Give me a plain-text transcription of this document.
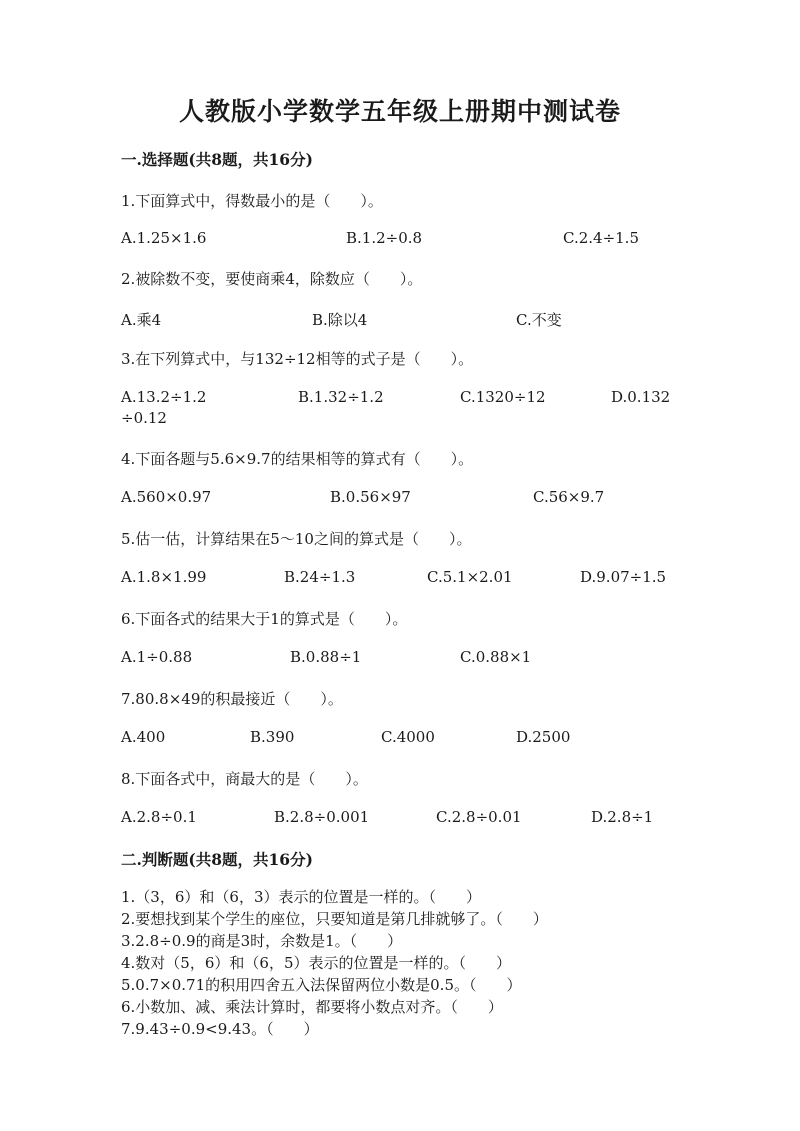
人教版小学数学五年级上册期中测试卷
一.选择题(共8题，共16分)
1.下面算式中，得数最小的是（　　）。
A.1.25×1.6	B.1.2÷0.8	C.2.4÷1.5
2.被除数不变，要使商乘4，除数应（　　）。
A.乘4	B.除以4	C.不变
3.在下列算式中，与132÷12相等的式子是（　　）。
A.13.2÷1.2	B.1.32÷1.2	C.1320÷12	D.0.132
÷0.12
4.下面各题与5.6×9.7的结果相等的算式有（　　）。
A.560×0.97	B.0.56×97	C.56×9.7
5.估一估，计算结果在5～10之间的算式是（　　）。
A.1.8×1.99	B.24÷1.3	C.5.1×2.01	D.9.07÷1.5
6.下面各式的结果大于1的算式是（　　）。
A.1÷0.88	B.0.88÷1	C.0.88×1
7.80.8×49的积最接近（　　）。
A.400	B.390	C.4000	D.2500
8.下面各式中，商最大的是（　　）。
A.2.8÷0.1	B.2.8÷0.001	C.2.8÷0.01	D.2.8÷1
二.判断题(共8题，共16分)
1.（3，6）和（6，3）表示的位置是一样的。（　　）
2.要想找到某个学生的座位，只要知道是第几排就够了。（　　）
3.2.8÷0.9的商是3时，余数是1。（　　）
4.数对（5，6）和（6，5）表示的位置是一样的。（　　）
5.0.7×0.71的积用四舍五入法保留两位小数是0.5。（　　）
6.小数加、减、乘法计算时，都要将小数点对齐。（　　）
7.9.43÷0.9<9.43。（　　）
